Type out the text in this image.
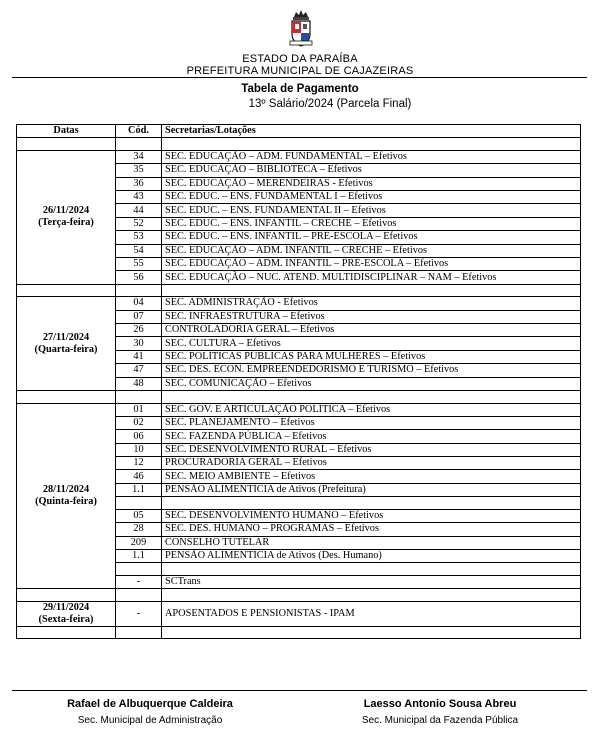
ESTADO DA PARAÍBA
PREFEITURA MUNICIPAL DE CAJAZEIRAS
Tabela de Pagamento
13º Salário/2024 (Parcela Final)
Datas	Cód.	Secretarias/Lotações

26/11/2024
(Terça-feira)	34	SEC. EDUCAÇÃO – ADM. FUNDAMENTAL – Efetivos
	35	SEC. EDUCAÇÃO – BIBLIOTECA – Efetivos
	36	SEC. EDUCAÇÃO – MERENDEIRAS - Efetivos
	43	SEC. EDUC. – ENS. FUNDAMENTAL I – Efetivos
	44	SEC. EDUC. – ENS. FUNDAMENTAL II – Efetivos
	52	SEC. EDUC. – ENS. INFANTIL – CRECHE – Efetivos
	53	SEC. EDUC. – ENS. INFANTIL – PRÉ-ESCOLA – Efetivos
	54	SEC. EDUCAÇÃO – ADM. INFANTIL – CRECHE – Efetivos
	55	SEC. EDUCAÇÃO – ADM. INFANTIL – PRÉ-ESCOLA – Efetivos
	56	SEC. EDUCAÇÃO – NUC. ATEND. MULTIDISCIPLINAR – NAM – Efetivos

27/11/2024
(Quarta-feira)	04	SEC. ADMINISTRAÇÃO - Efetivos
	07	SEC. INFRAESTRUTURA – Efetivos
	26	CONTROLADORIA GERAL – Efetivos
	30	SEC. CULTURA – Efetivos
	41	SEC. POLÍTICAS PÚBLICAS PARA MULHERES – Efetivos
	47	SEC. DES. ECON. EMPREENDEDORISMO E TURISMO – Efetivos
	48	SEC. COMUNICAÇÃO – Efetivos

28/11/2024
(Quinta-feira)	01	SEC. GOV. E ARTICULAÇÃO POLÍTICA – Efetivos
	02	SEC. PLANEJAMENTO – Efetivos
	06	SEC. FAZENDA PÚBLICA – Efetivos
	10	SEC. DESENVOLVIMENTO RURAL – Efetivos
	12	PROCURADORIA GERAL – Efetivos
	46	SEC. MEIO AMBIENTE – Efetivos
	1.1	PENSÃO ALIMENTÍCIA de Ativos (Prefeitura)

	05	SEC. DESENVOLVIMENTO HUMANO – Efetivos
	28	SEC. DES. HUMANO – PROGRAMAS – Efetivos
	209	CONSELHO TUTELAR
	1.1	PENSÃO ALIMENTÍCIA de Ativos (Des. Humano)

	-	SCTrans

29/11/2024
(Sexta-feira)	-	APOSENTADOS E PENSIONISTAS - IPAM

Rafael de Albuquerque Caldeira
Sec. Municipal de Administração
Laesso Antonio Sousa Abreu
Sec. Municipal da Fazenda Pública
